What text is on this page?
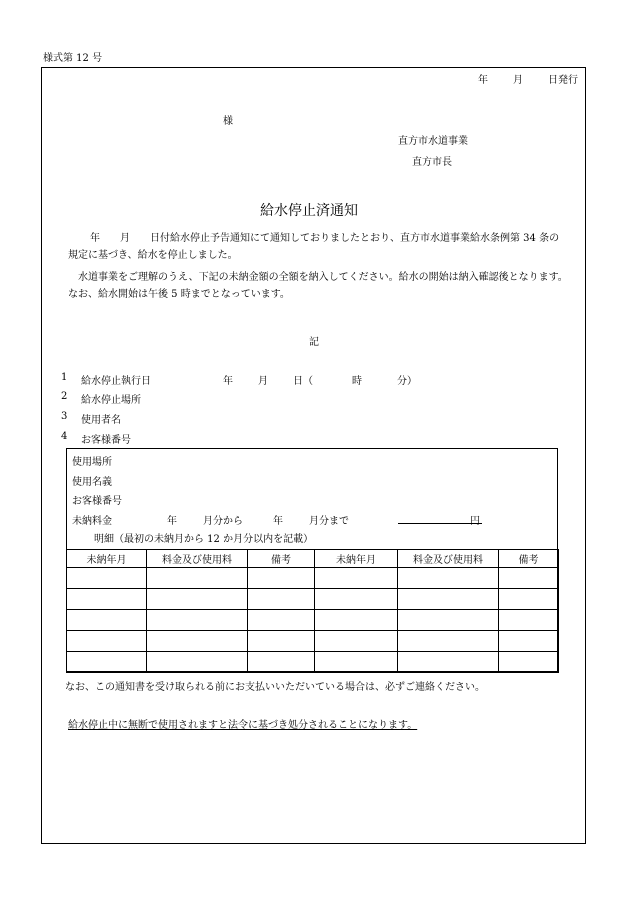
様式第 12 号
年	月	日発行
様
直方市水道事業
直方市長
給水停止済通知
年　　月　　日付給水停止予告通知にて通知しておりましたとおり、直方市水道事業給水条例第 34 条の規定に基づき、給水を停止しました。
水道事業をご理解のうえ、下記の未納金額の全額を納入してください。給水の開始は納入確認後となります。なお、給水開始は午後 5 時までとなっています。
記
1 給水停止執行日	年	月	日（	時	分）
2 給水停止場所
3 使用者名
4 お客様番号
使用場所
使用名義
お客様番号
未納料金	年	月分から	年	月分まで	円
明細（最初の未納月から 12 か月分以内を記載）
未納年月	料金及び使用料	備考	未納年月	料金及び使用料	備考

なお、この通知書を受け取られる前にお支払いいただいている場合は、必ずご連絡ください。
給水停止中に無断で使用されますと法令に基づき処分されることになります。
